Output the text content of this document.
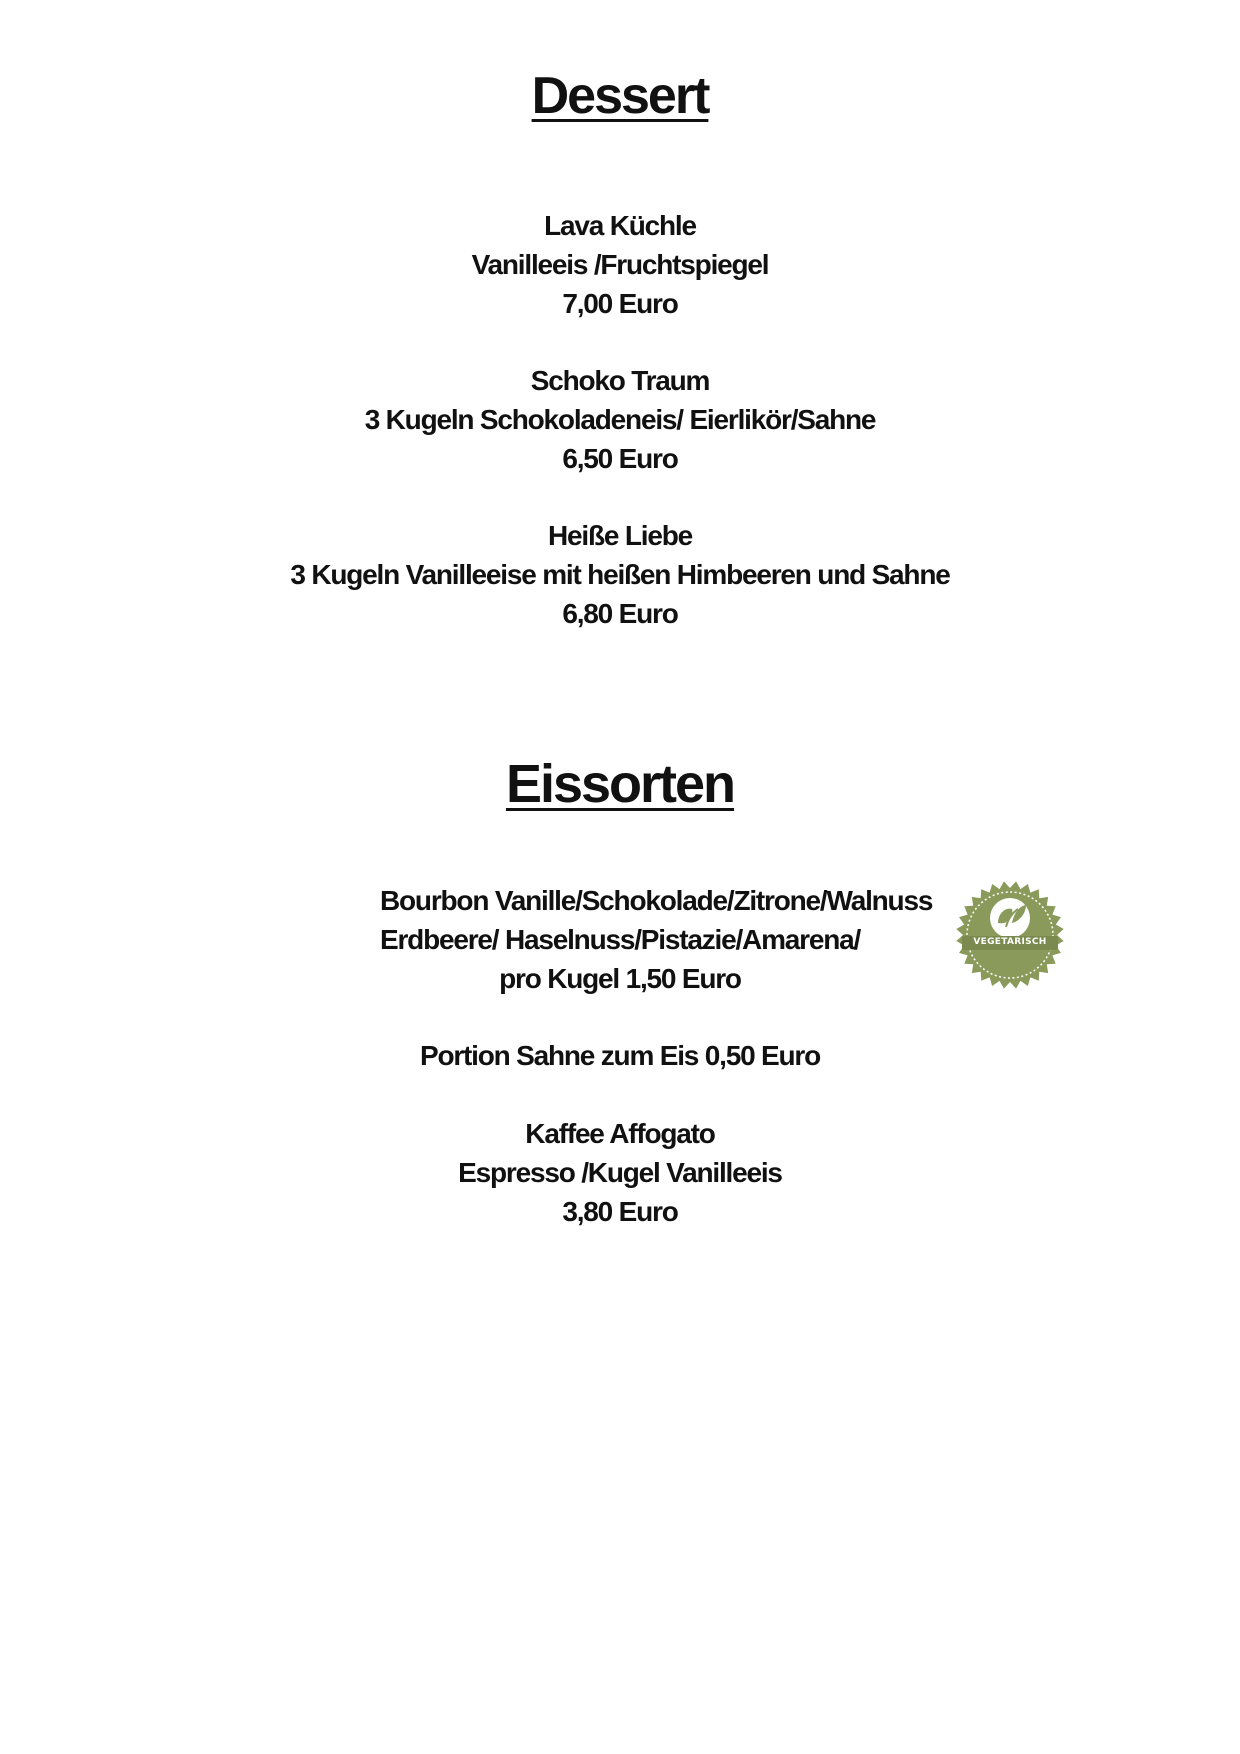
Dessert
Lava Küchle
Vanilleeis /Fruchtspiegel
7,00 Euro
Schoko Traum
3 Kugeln Schokoladeneis/ Eierlikör/Sahne
6,50 Euro
Heiße Liebe
3 Kugeln Vanilleeise mit heißen Himbeeren und Sahne
6,80 Euro
Eissorten
Bourbon Vanille/Schokolade/Zitrone/Walnuss
Erdbeere/ Haselnuss/Pistazie/Amarena/
pro Kugel 1,50 Euro
VEGETARISCH
Portion Sahne zum Eis 0,50 Euro
Kaffee Affogato
Espresso /Kugel Vanilleeis
3,80 Euro
